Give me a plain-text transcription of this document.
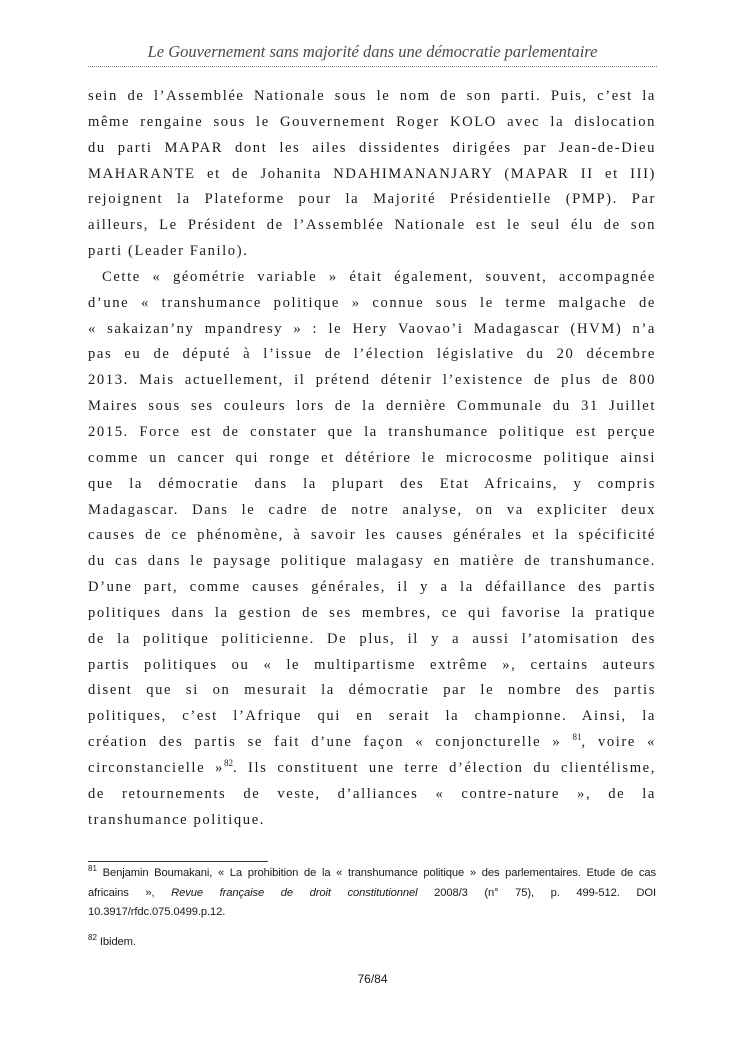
Le Gouvernement sans majorité dans une démocratie parlementaire
sein de l’Assemblée Nationale sous le nom de son parti. Puis, c’est la
même rengaine sous le Gouvernement Roger KOLO avec la dislocation
du parti MAPAR dont les ailes dissidentes dirigées par Jean-de-Dieu
MAHARANTE et de Johanita NDAHIMANANJARY (MAPAR II et III)
rejoignent la Plateforme pour la Majorité Présidentielle (PMP). Par
ailleurs, Le Président de l’Assemblée Nationale est le seul élu de son
parti (Leader Fanilo).
Cette « géométrie variable » était également, souvent, accompagnée
d’une « transhumance politique » connue sous le terme malgache de
« sakaizan’ny mpandresy » : le Hery Vaovao’i Madagascar (HVM) n’a
pas eu de député à l’issue de l’élection législative du 20 décembre
2013. Mais actuellement, il prétend détenir l’existence de plus de 800
Maires sous ses couleurs lors de la dernière Communale du 31 Juillet
2015. Force est de constater que la transhumance politique est perçue
comme un cancer qui ronge et détériore le microcosme politique ainsi
que la démocratie dans la plupart des Etat Africains, y compris
Madagascar. Dans le cadre de notre analyse, on va expliciter deux
causes de ce phénomène, à savoir les causes générales et la spécificité
du cas dans le paysage politique malagasy en matière de transhumance.
D’une part, comme causes générales, il y a la défaillance des partis
politiques dans la gestion de ses membres, ce qui favorise la pratique
de la politique politicienne. De plus, il y a aussi l’atomisation des
partis politiques ou « le multipartisme extrême », certains auteurs
disent que si on mesurait la démocratie par le nombre des partis
politiques, c’est l’Afrique qui en serait la championne. Ainsi, la
création des partis se fait d’une façon « conjoncturelle » $^{81}$, voire «
circonstancielle »$^{82}$. Ils constituent une terre d’élection du clientélisme,
de retournements de veste, d’alliances « contre-nature », de la
transhumance politique.
$^{81}$ Benjamin Boumakani, « La prohibition de la « transhumance politique » des parlementaires. Etude de cas
africains », Revue française de droit constitutionnel 2008/3 (n° 75), p. 499-512. DOI
10.3917/rfdc.075.0499.p.12.
$^{82}$ Ibidem.
76/84
